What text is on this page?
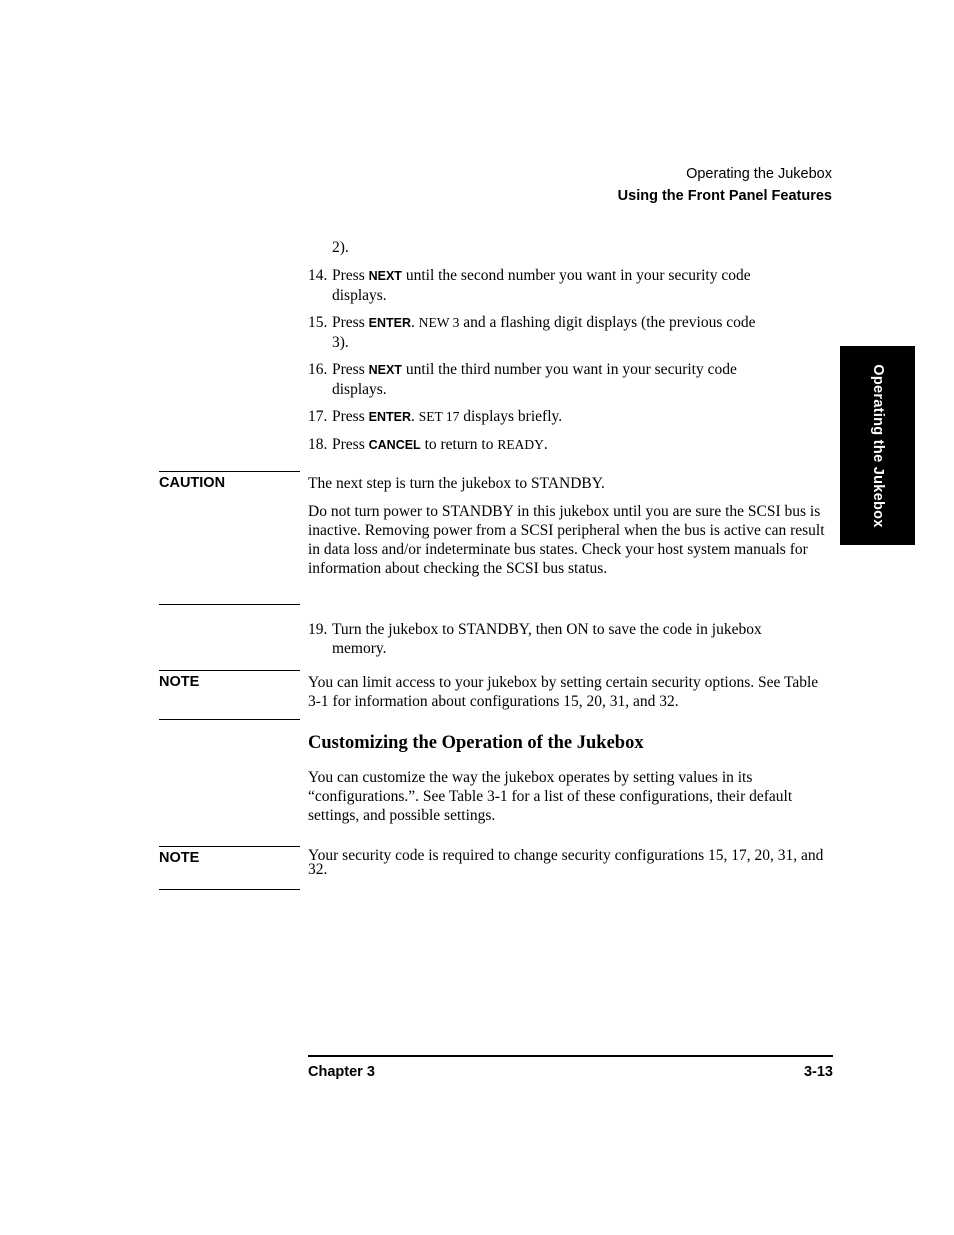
Operating the Jukebox
Using the Front Panel Features
Operating the Jukebox
2).
14. Press NEXT until the second number you want in your security code
displays.
15. Press ENTER. NEW 3 and a flashing digit displays (the previous code
3).
16. Press NEXT until the third number you want in your security code
displays.
17. Press ENTER. SET 17 displays briefly.
18. Press CANCEL to return to READY.
CAUTION	The next step is turn the jukebox to STANDBY.
Do not turn power to STANDBY in this jukebox until you are sure the SCSI bus is inactive. Removing power from a SCSI peripheral when the bus is active can result in data loss and/or indeterminate bus states. Check your host system manuals for information about checking the SCSI bus status.
19. Turn the jukebox to STANDBY, then ON to save the code in jukebox
memory.
NOTE	You can limit access to your jukebox by setting certain security options. See Table 3-1 for information about configurations 15, 20, 31, and 32.
Customizing the Operation of the Jukebox
You can customize the way the jukebox operates by setting values in its “configurations.”. See Table 3-1 for a list of these configurations, their default settings, and possible settings.
NOTE	Your security code is required to change security configurations 15, 17, 20, 31, and 32.
Chapter 3	3-13
